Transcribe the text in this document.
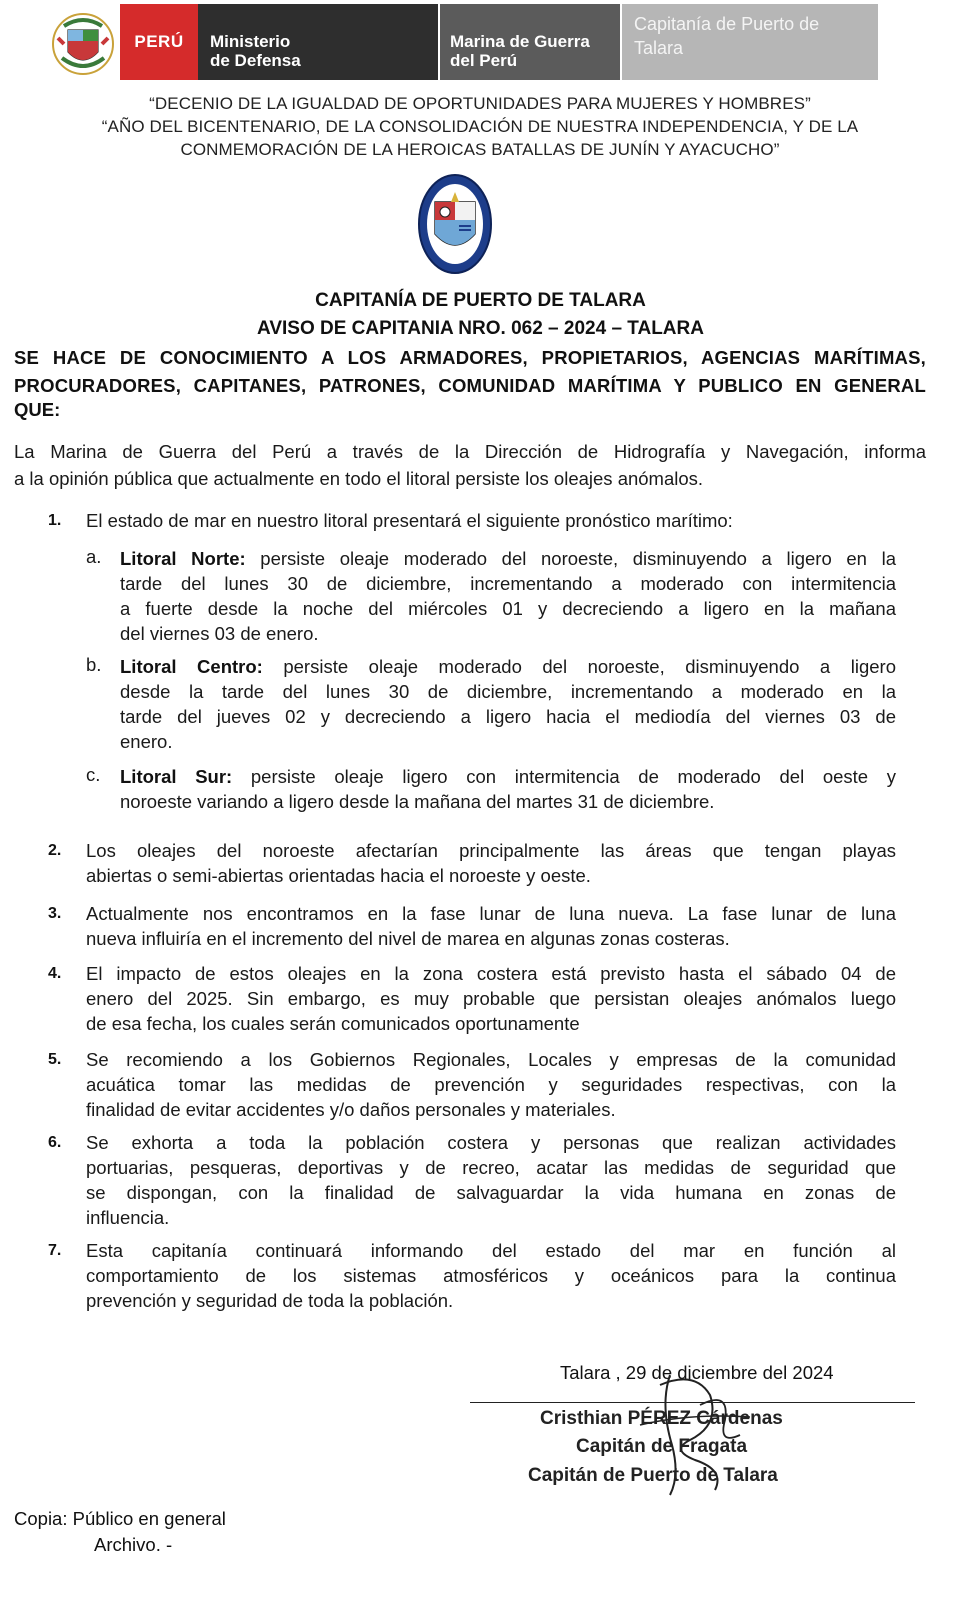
PERÚ	Ministerio
de Defensa
Marina de Guerra
del Perú
Capitanía de Puerto de Talara
“DECENIO DE LA IGUALDAD DE OPORTUNIDADES PARA MUJERES Y HOMBRES”
“AÑO DEL BICENTENARIO, DE LA CONSOLIDACIÓN DE NUESTRA INDEPENDENCIA, Y DE LA
CONMEMORACIÓN DE LA HEROICAS BATALLAS DE JUNÍN Y AYACUCHO”
CAPITANÍA DE PUERTO DE TALARA
AVISO DE CAPITANIA NRO. 062 – 2024 – TALARA
SE HACE DE CONOCIMIENTO A LOS ARMADORES, PROPIETARIOS, AGENCIAS MARÍTIMAS,
PROCURADORES, CAPITANES, PATRONES, COMUNIDAD MARÍTIMA Y PUBLICO EN GENERAL
QUE:
La Marina de Guerra del Perú a través de la Dirección de Hidrografía y Navegación, informa
a la opinión pública que actualmente en todo el litoral persiste los oleajes anómalos.
1. El estado de mar en nuestro litoral presentará el siguiente pronóstico marítimo:
a. Litoral Norte: persiste oleaje moderado del noroeste, disminuyendo a ligero en la
tarde del lunes 30 de diciembre, incrementando a moderado con intermitencia
a fuerte desde la noche del miércoles 01 y decreciendo a ligero en la mañana
del viernes 03 de enero.
b. Litoral Centro: persiste oleaje moderado del noroeste, disminuyendo a ligero
desde la tarde del lunes 30 de diciembre, incrementando a moderado en la
tarde del jueves 02 y decreciendo a ligero hacia el mediodía del viernes 03 de
enero.
c. Litoral Sur: persiste oleaje ligero con intermitencia de moderado del oeste y
noroeste variando a ligero desde la mañana del martes 31 de diciembre.
2. Los oleajes del noroeste afectarían principalmente las áreas que tengan playas
abiertas o semi-abiertas orientadas hacia el noroeste y oeste.
3. Actualmente nos encontramos en la fase lunar de luna nueva. La fase lunar de luna
nueva influiría en el incremento del nivel de marea en algunas zonas costeras.
4. El impacto de estos oleajes en la zona costera está previsto hasta el sábado 04 de
enero del 2025. Sin embargo, es muy probable que persistan oleajes anómalos luego
de esa fecha, los cuales serán comunicados oportunamente
5. Se recomiendo a los Gobiernos Regionales, Locales y empresas de la comunidad
acuática tomar las medidas de prevención y seguridades respectivas, con la
finalidad de evitar accidentes y/o daños personales y materiales.
6. Se exhorta a toda la población costera y personas que realizan actividades
portuarias, pesqueras, deportivas y de recreo, acatar las medidas de seguridad que
se dispongan, con la finalidad de salvaguardar la vida humana en zonas de
influencia.
7. Esta capitanía continuará informando del estado del mar en función al
comportamiento de los sistemas atmosféricos y oceánicos para la continua
prevención y seguridad de toda la población.
Talara , 29 de diciembre del 2024
Cristhian PÉREZ Cárdenas
Capitán de Fragata
Capitán de Puerto de Talara
Copia: Público en general
Archivo. -
